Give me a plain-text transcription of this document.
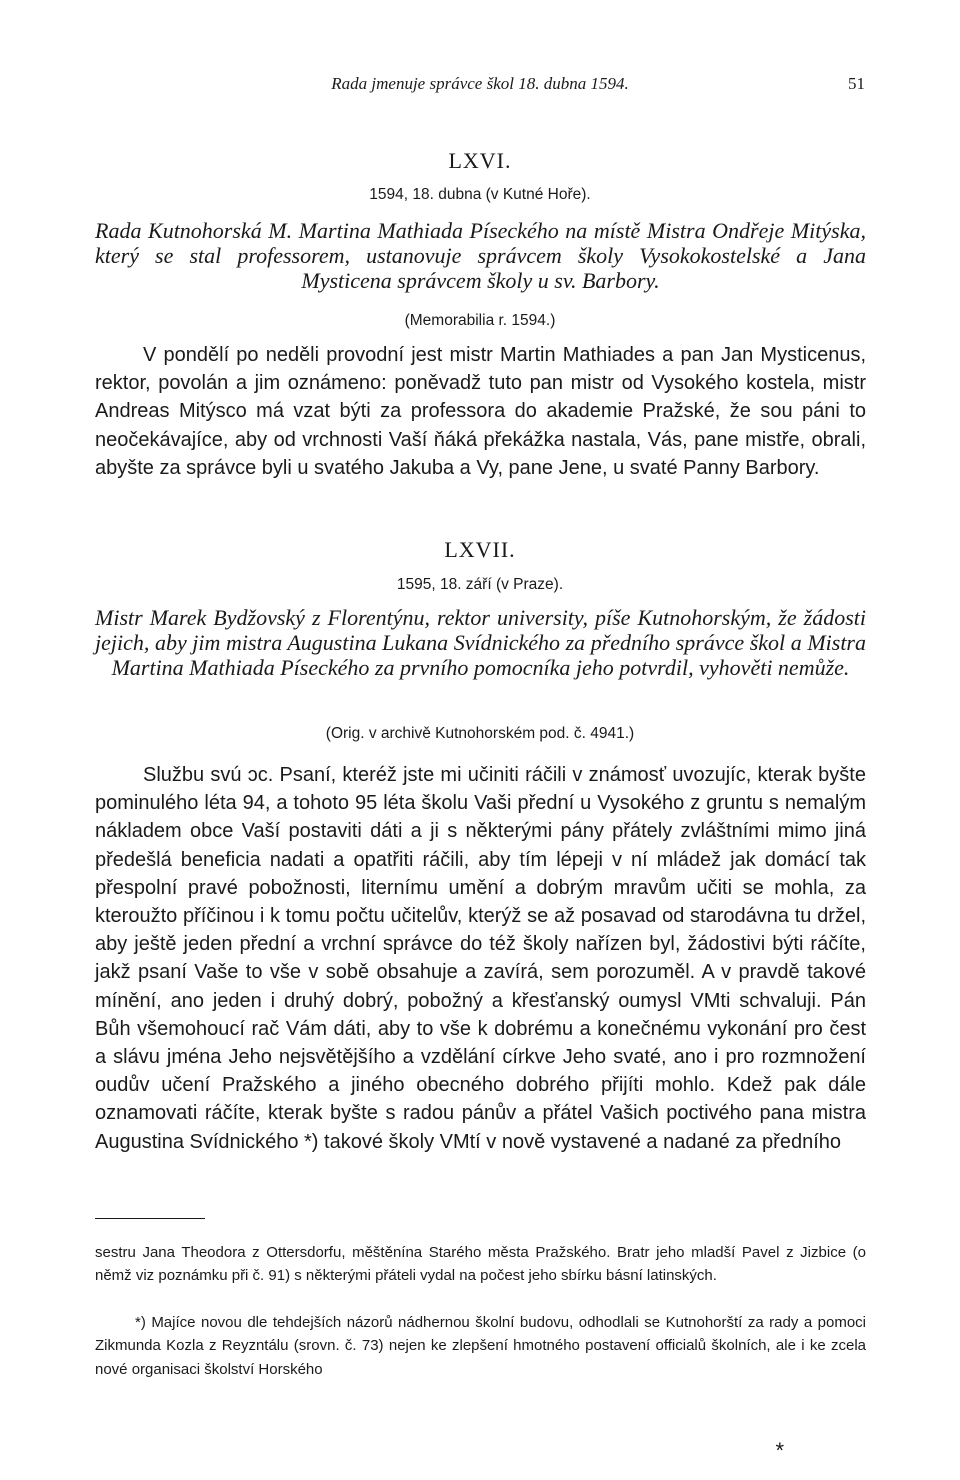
Rada jmenuje správce škol 18. dubna 1594.	51
LXVI.
1594, 18. dubna (v Kutné Hoře).
Rada Kutnohorská M. Martina Mathiada Píseckého na místě Mistra Ondřeje Mitýska, který se stal professorem, ustanovuje správcem školy Vysokokostelské a Jana Mysticena správcem školy u sv. Barbory.
(Memorabilia r. 1594.)
V pondělí po neděli provodní jest mistr Martin Mathiades a pan Jan Mysticenus, rektor, povolán a jim oznámeno: poněvadž tuto pan mistr od Vysokého kostela, mistr Andreas Mitýsco má vzat býti za professora do akademie Pražské, že sou páni to neočekávajíce, aby od vrchnosti Vaší ňáká překážka nastala, Vás, pane mistře, obrali, abyšte za správce byli u svatého Jakuba a Vy, pane Jene, u svaté Panny Barbory.
LXVII.
1595, 18. září (v Praze).
Mistr Marek Bydžovský z Florentýnu, rektor university, píše Kutnohorským, že žádosti jejich, aby jim mistra Augustina Lukana Svídnického za předního správce škol a Mistra Martina Mathiada Píseckého za prvního pomocníka jeho potvrdil, vyhověti nemůže.
(Orig. v archivě Kutnohorském pod. č. 4941.)
Službu svú ɔc. Psaní, kteréž jste mi učiniti ráčili v známosť uvozujíc, kterak byšte pominulého léta 94, a tohoto 95 léta školu Vaši přední u Vysokého z gruntu s nemalým nákladem obce Vaší postaviti dáti a ji s některými pány přátely zvláštními mimo jiná předešlá beneficia nadati a opatřiti ráčili, aby tím lépeji v ní mládež jak domácí tak přespolní pravé pobožnosti, liternímu umění a dobrým mravům učiti se mohla, za kteroužto příčinou i k tomu počtu učitelův, kterýž se až posavad od starodávna tu držel, aby ještě jeden přední a vrchní správce do též školy nařízen byl, žádostivi býti ráčíte, jakž psaní Vaše to vše v sobě obsahuje a zavírá, sem porozuměl. A v pravdě takové mínění, ano jeden i druhý dobrý, pobožný a křesťanský oumysl VMti schvaluji. Pán Bůh všemohoucí rač Vám dáti, aby to vše k dobrému a konečnému vykonání pro čest a slávu jména Jeho nejsvětějšího a vzdělání církve Jeho svaté, ano i pro rozmnožení oudův učení Pražského a jiného obecného dobrého přijíti mohlo. Kdež pak dále oznamovati ráčíte, kterak byšte s radou pánův a přátel Vašich poctivého pana mistra Augustina Svídnického *) takové školy VMtí v nově vystavené a nadané za předního
sestru Jana Theodora z Ottersdorfu, měštěnína Starého města Pražského. Bratr jeho mladší Pavel z Jizbice (o němž viz poznámku při č. 91) s některými přáteli vydal na počest jeho sbírku básní latinských.
*) Majíce novou dle tehdejších názorů nádhernou školní budovu, odhodlali se Kutnohorští za rady a pomoci Zikmunda Kozla z Reyzntálu (srovn. č. 73) nejen ke zlepšení hmotného postavení officialů školních, ale i ke zcela nové organisaci školství Horského
*
